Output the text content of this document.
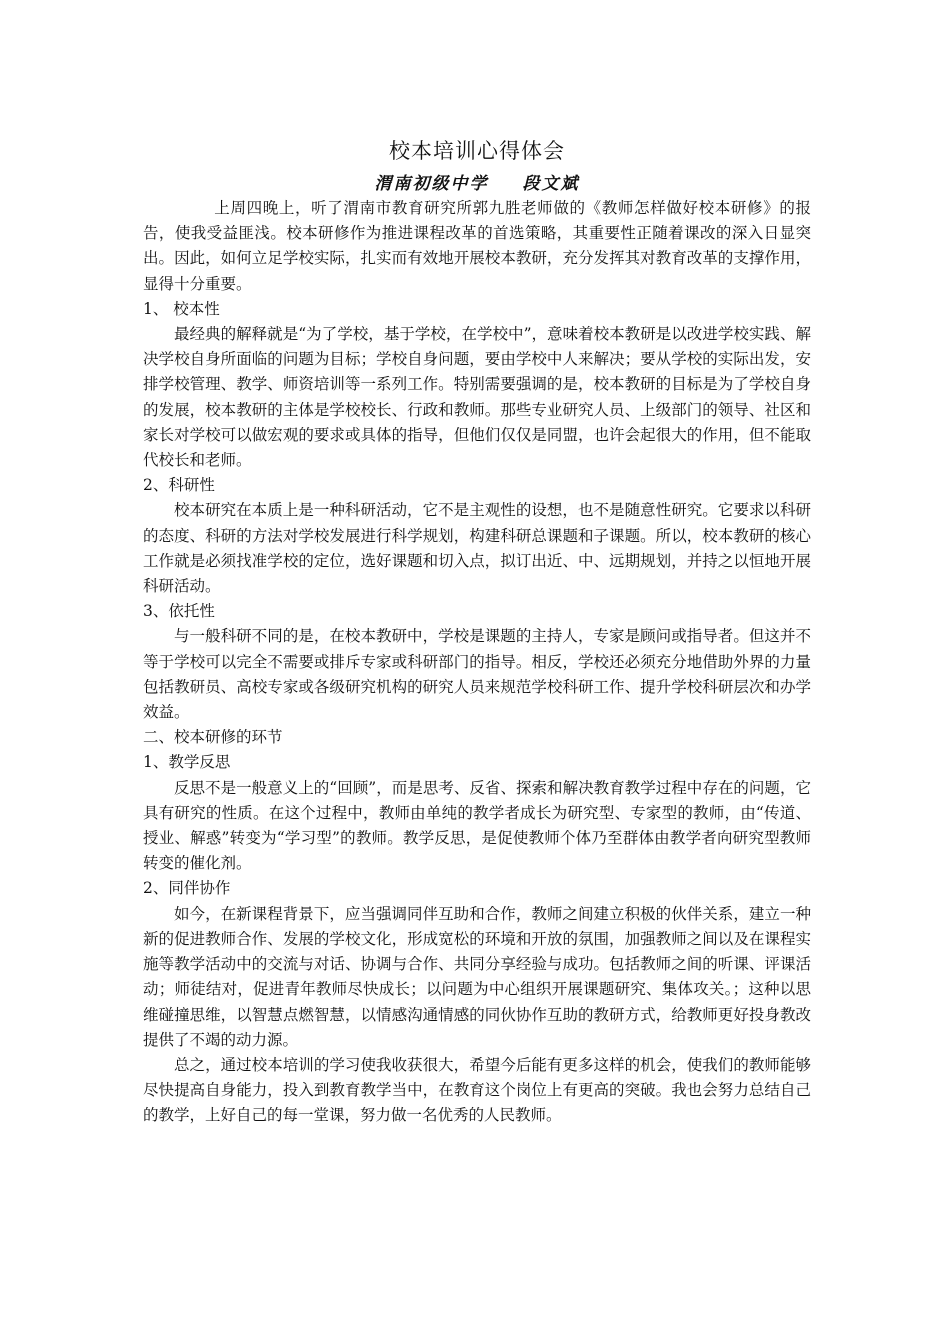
校本培训心得体会

渭南初级中学 段文斌

上周四晚上，听了渭南市教育研究所郭九胜老师做的《教师怎样做好校本研修》的报告，使我受益匪浅。校本研修作为推进课程改革的首选策略，其重要性正随着课改的深入日显突出。因此，如何立足学校实际，扎实而有效地开展校本教研，充分发挥其对教育改革的支撑作用，显得十分重要。

1、 校本性

最经典的解释就是“为了学校，基于学校，在学校中”，意味着校本教研是以改进学校实践、解决学校自身所面临的问题为目标；学校自身问题，要由学校中人来解决；要从学校的实际出发，安排学校管理、教学、师资培训等一系列工作。特别需要强调的是，校本教研的目标是为了学校自身的发展，校本教研的主体是学校校长、行政和教师。那些专业研究人员、上级部门的领导、社区和家长对学校可以做宏观的要求或具体的指导，但他们仅仅是同盟，也许会起很大的作用，但不能取代校长和老师。

2、科研性

校本研究在本质上是一种科研活动，它不是主观性的设想，也不是随意性研究。它要求以科研的态度、科研的方法对学校发展进行科学规划，构建科研总课题和子课题。所以，校本教研的核心工作就是必须找准学校的定位，选好课题和切入点，拟订出近、中、远期规划，并持之以恒地开展科研活动。

3、依托性

与一般科研不同的是，在校本教研中，学校是课题的主持人，专家是顾问或指导者。但这并不等于学校可以完全不需要或排斥专家或科研部门的指导。相反，学校还必须充分地借助外界的力量包括教研员、高校专家或各级研究机构的研究人员来规范学校科研工作、提升学校科研层次和办学效益。

二、校本研修的环节

1、教学反思

反思不是一般意义上的“回顾”，而是思考、反省、探索和解决教育教学过程中存在的问题，它具有研究的性质。在这个过程中，教师由单纯的教学者成长为研究型、专家型的教师，由“传道、授业、解惑”转变为“学习型”的教师。教学反思，是促使教师个体乃至群体由教学者向研究型教师转变的催化剂。

2、同伴协作

如今，在新课程背景下，应当强调同伴互助和合作，教师之间建立积极的伙伴关系，建立一种新的促进教师合作、发展的学校文化，形成宽松的环境和开放的氛围，加强教师之间以及在课程实施等教学活动中的交流与对话、协调与合作、共同分享经验与成功。包括教师之间的听课、评课活动；师徒结对，促进青年教师尽快成长；以问题为中心组织开展课题研究、集体攻关。；这种以思维碰撞思维，以智慧点燃智慧，以情感沟通情感的同伙协作互助的教研方式，给教师更好投身教改提供了不竭的动力源。

总之，通过校本培训的学习使我收获很大，希望今后能有更多这样的机会，使我们的教师能够尽快提高自身能力，投入到教育教学当中，在教育这个岗位上有更高的突破。我也会努力总结自己的教学，上好自己的每一堂课，努力做一名优秀的人民教师。
